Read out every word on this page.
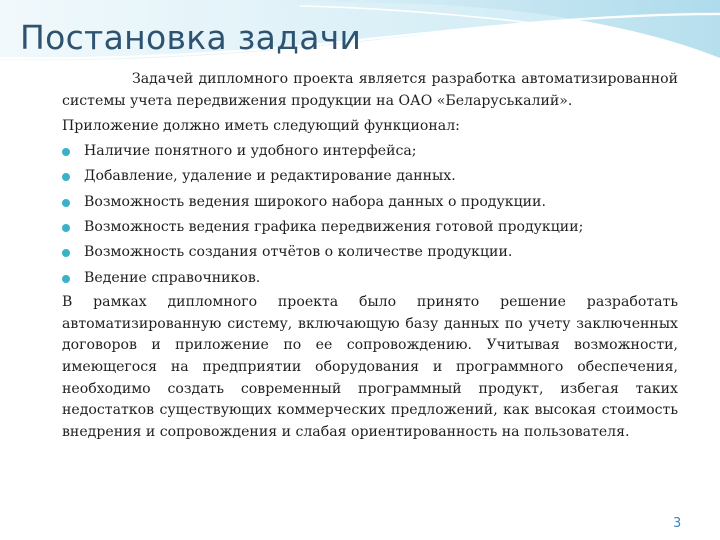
Постановка задачи

Задачей дипломного проекта является разработка автоматизированной системы учета передвижения продукции на ОАО «Беларуськалий».

Приложение должно иметь следующий функционал:

Наличие понятного и удобного интерфейса;
Добавление, удаление и редактирование данных.
Возможность ведения широкого набора данных о продукции.
Возможность ведения графика передвижения готовой продукции;
Возможность создания отчётов о количестве продукции.
Ведение справочников.

В рамках дипломного проекта было принято решение разработать автоматизированную систему, включающую базу данных по учету заключенных договоров и приложение по ее сопровождению. Учитывая возможности, имеющегося на предприятии оборудования и программного обеспечения, необходимо создать современный программный продукт, избегая таких недостатков существующих коммерческих предложений, как высокая стоимость внедрения и сопровождения и слабая ориентированность на пользователя.

3
